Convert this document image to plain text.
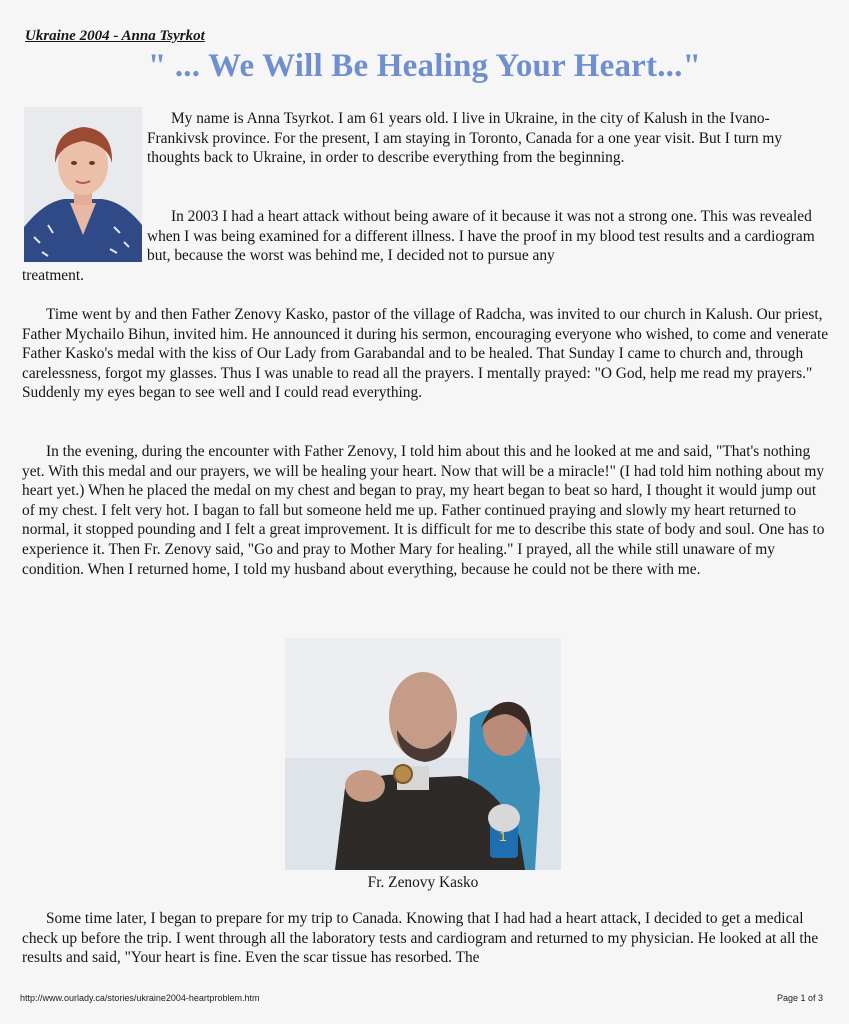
Ukraine 2004 - Anna Tsyrkot
" ... We Will Be Healing Your Heart..."

My name is Anna Tsyrkot. I am 61 years old. I live in Ukraine, in the city of Kalush in the Ivano-Frankivsk province. For the present, I am staying in Toronto, Canada for a one year visit. But I turn my thoughts back to Ukraine, in order to describe everything from the beginning.

In 2003 I had a heart attack without being aware of it because it was not a strong one. This was revealed when I was being examined for a different illness. I have the proof in my blood test results and a cardiogram but, because the worst was behind me, I decided not to pursue any

treatment.

Time went by and then Father Zenovy Kasko, pastor of the village of Radcha, was invited to our church in Kalush. Our priest, Father Mychailo Bihun, invited him. He announced it during his sermon, encouraging everyone who wished, to come and venerate Father Kasko's medal with the kiss of Our Lady from Garabandal and to be healed. That Sunday I came to church and, through carelessness, forgot my glasses. Thus I was unable to read all the prayers. I mentally prayed: "O God, help me read my prayers." Suddenly my eyes began to see well and I could read everything.

In the evening, during the encounter with Father Zenovy, I told him about this and he looked at me and said, "That's nothing yet. With this medal and our prayers, we will be healing your heart. Now that will be a miracle!" (I had told him nothing about my heart yet.) When he placed the medal on my chest and began to pray, my heart began to beat so hard, I thought it would jump out of my chest. I felt very hot. I bagan to fall but someone held me up. Father continued praying and slowly my heart returned to normal, it stopped pounding and I felt a great improvement. It is difficult for me to describe this state of body and soul. One has to experience it. Then Fr. Zenovy said, "Go and pray to Mother Mary for healing." I prayed, all the while still unaware of my condition. When I returned home, I told my husband about everything, because he could not be there with me.

1
Fr. Zenovy Kasko

Some time later, I began to prepare for my trip to Canada. Knowing that I had had a heart attack, I decided to get a medical check up before the trip. I went through all the laboratory tests and cardiogram and returned to my physician. He looked at all the results and said, "Your heart is fine. Even the scar tissue has resorbed. The

http://www.ourlady.ca/stories/ukraine2004-heartproblem.htm	Page 1 of 3
